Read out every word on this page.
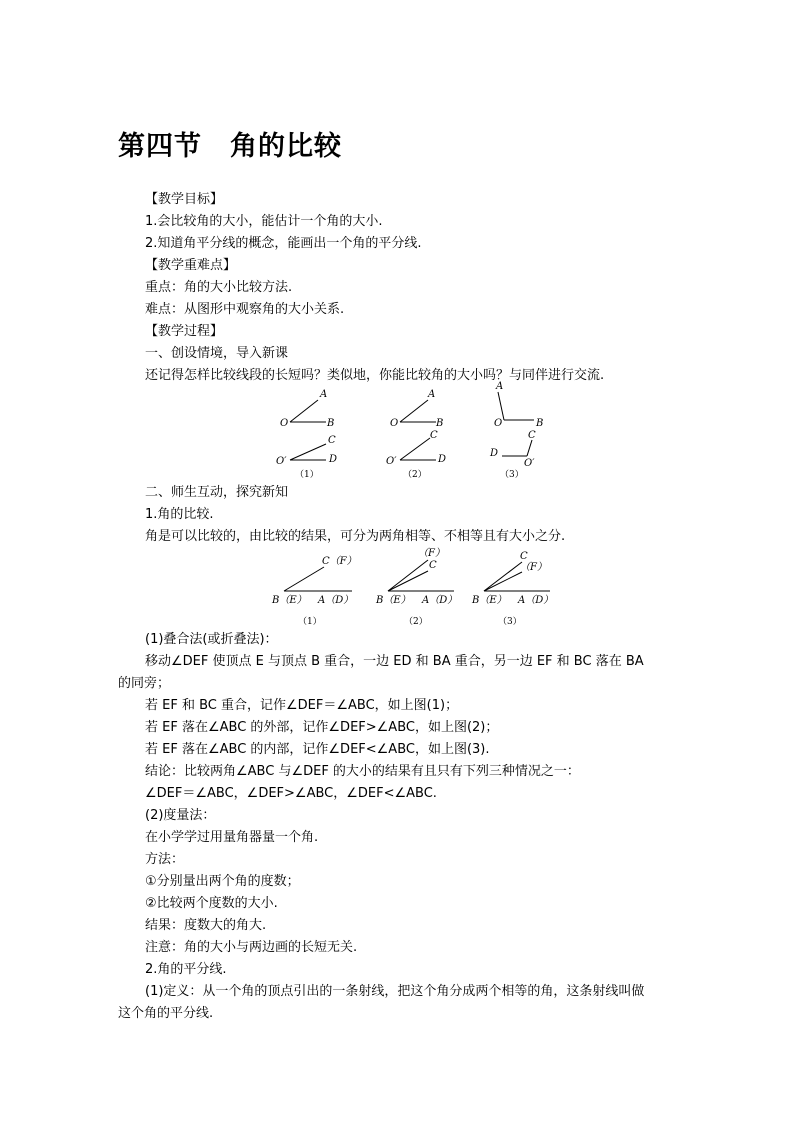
第四节　角的比较
【教学目标】
1.会比较角的大小，能估计一个角的大小.
2.知道角平分线的概念，能画出一个角的平分线.
【教学重难点】
重点：角的大小比较方法.
难点：从图形中观察角的大小关系.
【教学过程】
一、创设情境，导入新课
还记得怎样比较线段的长短吗？类似地，你能比较角的大小吗？与同伴进行交流.
A
O	B
C
O′	D
A
O	B
C
O′	D
A
O	B
C
D
O′
（1）	（2）	（3）
二、师生互动，探究新知
1.角的比较.
角是可以比较的，由比较的结果，可分为两角相等、不相等且有大小之分.
C（F）
B（E） A（D）
（F）
C
B（E） A（D）
C
（F）
B（E） A（D）
（1）	（2）	（3）
(1)叠合法(或折叠法)：
移动∠DEF 使顶点 E 与顶点 B 重合，一边 ED 和 BA 重合，另一边 EF 和 BC 落在 BA
的同旁；
若 EF 和 BC 重合，记作∠DEF＝∠ABC，如上图(1)；
若 EF 落在∠ABC 的外部，记作∠DEF>∠ABC，如上图(2)；
若 EF 落在∠ABC 的内部，记作∠DEF<∠ABC，如上图(3).
结论：比较两角∠ABC 与∠DEF 的大小的结果有且只有下列三种情况之一：
∠DEF＝∠ABC，∠DEF>∠ABC，∠DEF<∠ABC.
(2)度量法：
在小学学过用量角器量一个角.
方法：
①分别量出两个角的度数；
②比较两个度数的大小.
结果：度数大的角大.
注意：角的大小与两边画的长短无关.
2.角的平分线.
(1)定义：从一个角的顶点引出的一条射线，把这个角分成两个相等的角，这条射线叫做
这个角的平分线.
